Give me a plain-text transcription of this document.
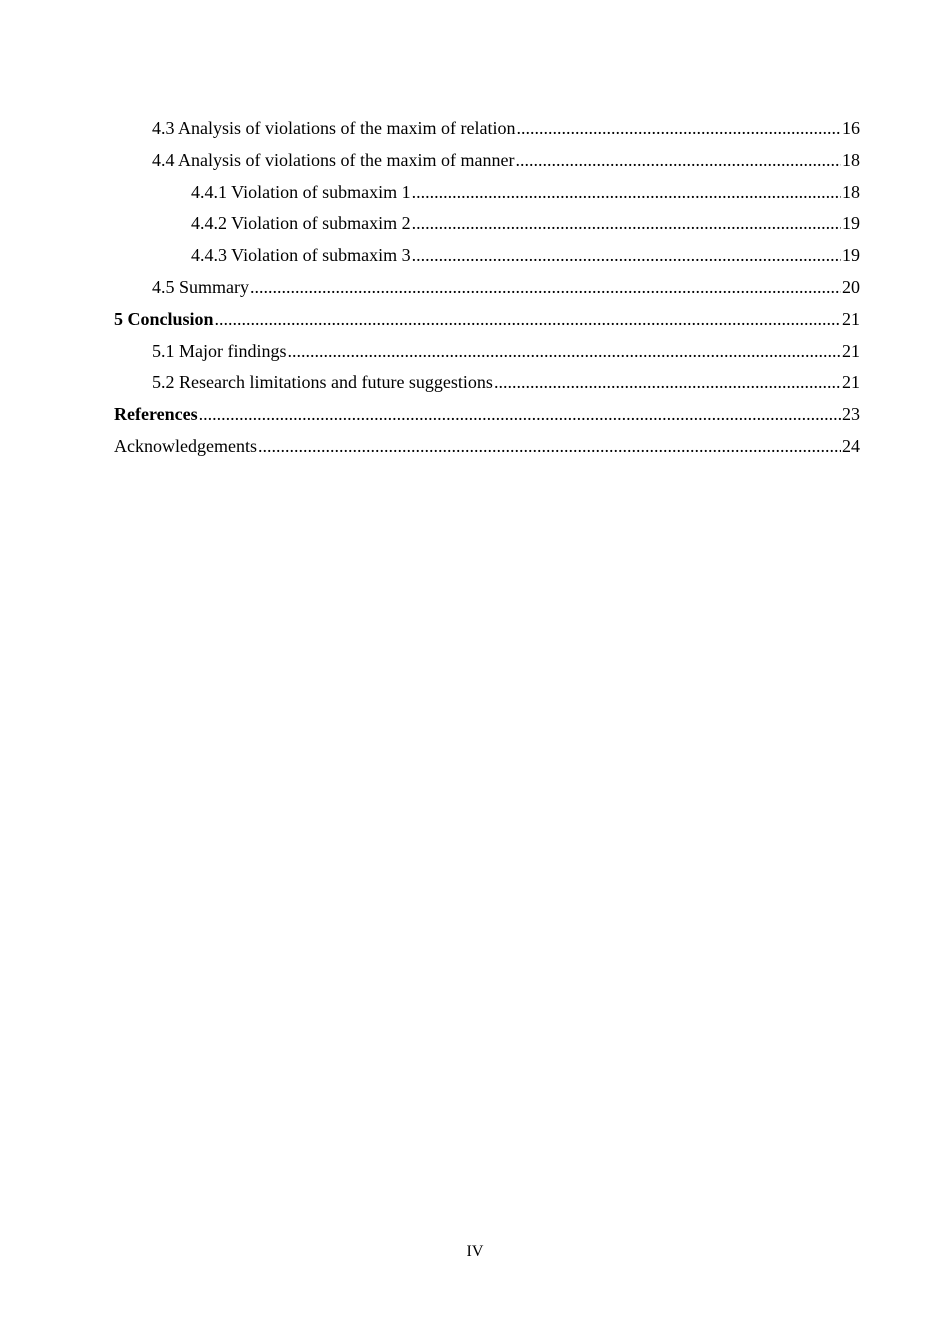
4.3 Analysis of violations of the maxim of relation .....	16
4.4 Analysis of violations of the maxim of manner .....	18
4.4.1 Violation of submaxim 1 .....	18
4.4.2 Violation of submaxim 2 .....	19
4.4.3 Violation of submaxim 3 .....	19
4.5 Summary .....	20
5 Conclusion .....	21
5.1 Major findings .....	21
5.2 Research limitations and future suggestions .....	21
References .....	23
Acknowledgements .....	24
IV
